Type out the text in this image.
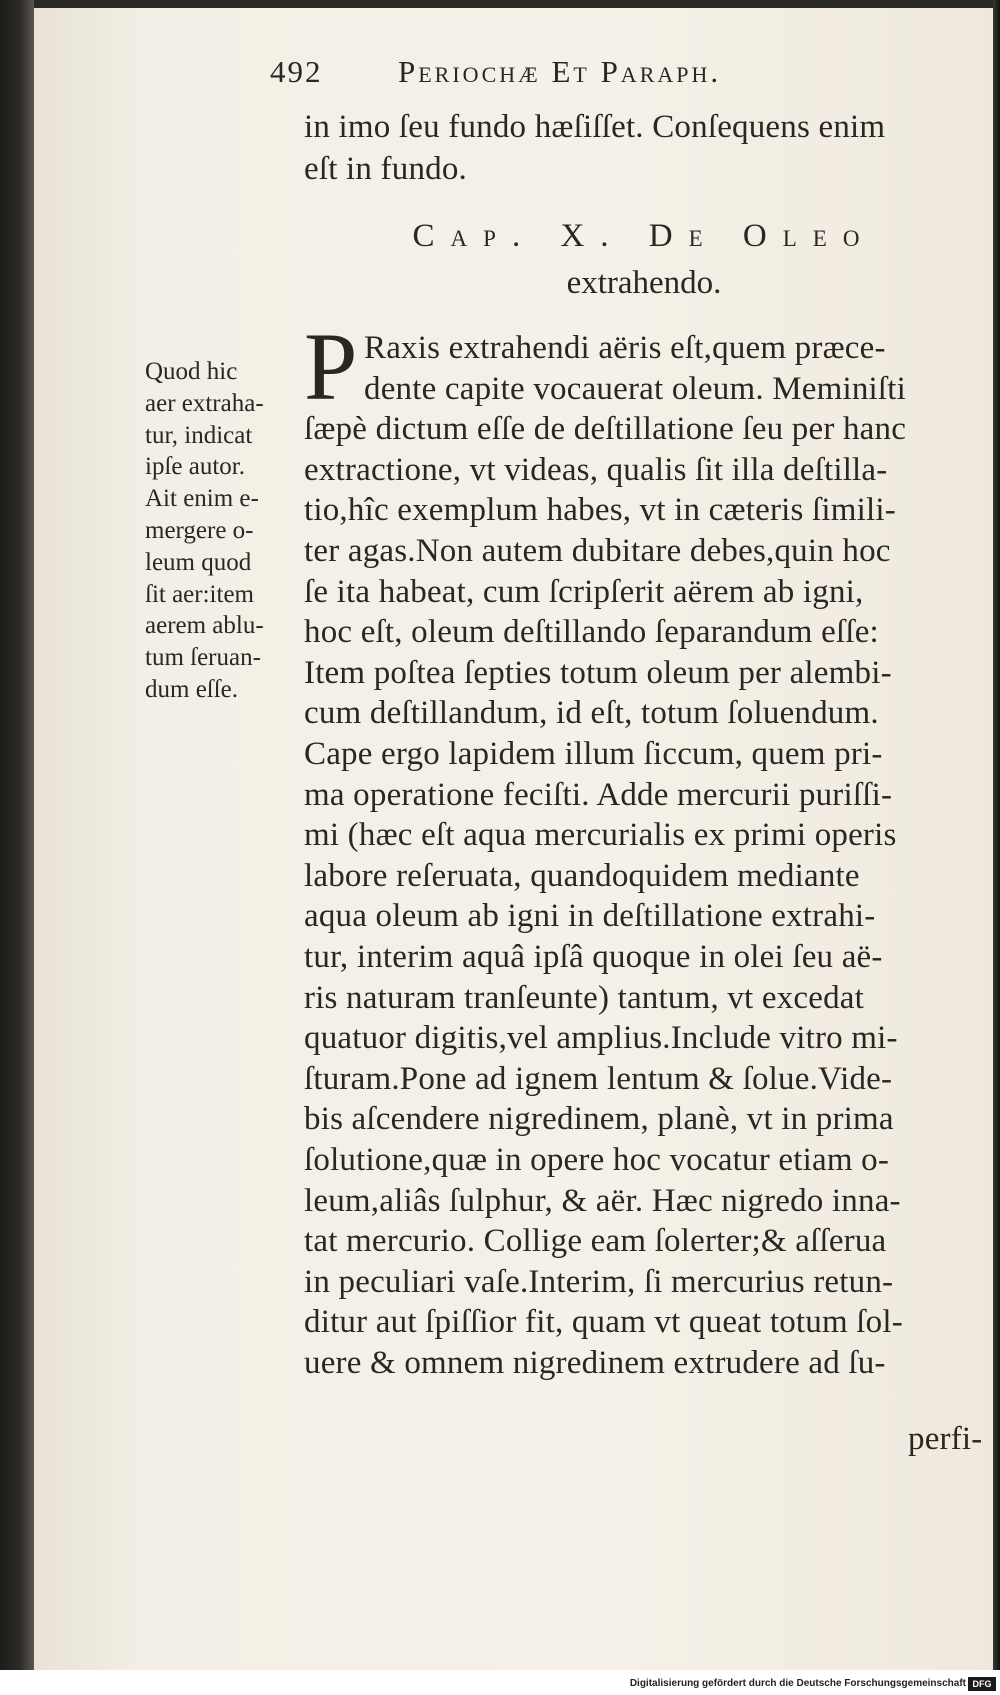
492 Periochæ Et Paraph.
in imo ſeu fundo hæſiſſet. Conſequens enim
eſt in fundo.
Cap. X. De Oleo
extrahendo.
P Raxis extrahendi aëris eſt,quem præce-
dente capite vocauerat oleum. Meminiſti
ſæpè dictum eſſe de deſtillatione ſeu per hanc
extractione, vt videas, qualis ſit illa deſtilla-
tio,hîc exemplum habes, vt in cæteris ſimili-
ter agas.Non autem dubitare debes,quin hoc
ſe ita habeat, cum ſcripſerit aërem ab igni,
hoc eſt, oleum deſtillando ſeparandum eſſe:
Item poſtea ſepties totum oleum per alembi-
cum deſtillandum, id eſt, totum ſoluendum.
Cape ergo lapidem illum ſiccum, quem pri-
ma operatione feciſti. Adde mercurii puriſſi-
mi (hæc eſt aqua mercurialis ex primi operis
labore reſeruata, quandoquidem mediante
aqua oleum ab igni in deſtillatione extrahi-
tur, interim aquâ ipſâ quoque in olei ſeu aë-
ris naturam tranſeunte) tantum, vt excedat
quatuor digitis,vel amplius.Include vitro mi-
ſturam.Pone ad ignem lentum & ſolue.Vide-
bis aſcendere nigredinem, planè, vt in prima
ſolutione,quæ in opere hoc vocatur etiam o-
leum,aliâs ſulphur, & aër. Hæc nigredo inna-
tat mercurio. Collige eam ſolerter;& aſſerua
in peculiari vaſe.Interim, ſi mercurius retun-
ditur aut ſpiſſior fit, quam vt queat totum ſol-
uere & omnem nigredinem extrudere ad ſu-
Quod hic
aer extraha-
tur, indicat
ipſe autor.
Ait enim e-
mergere o-
leum quod
ſit aer:item
aerem ablu-
tum ſeruan-
dum eſſe.
perfi-
Digitalisierung gefördert durch die Deutsche Forschungsgemeinschaft DFG
